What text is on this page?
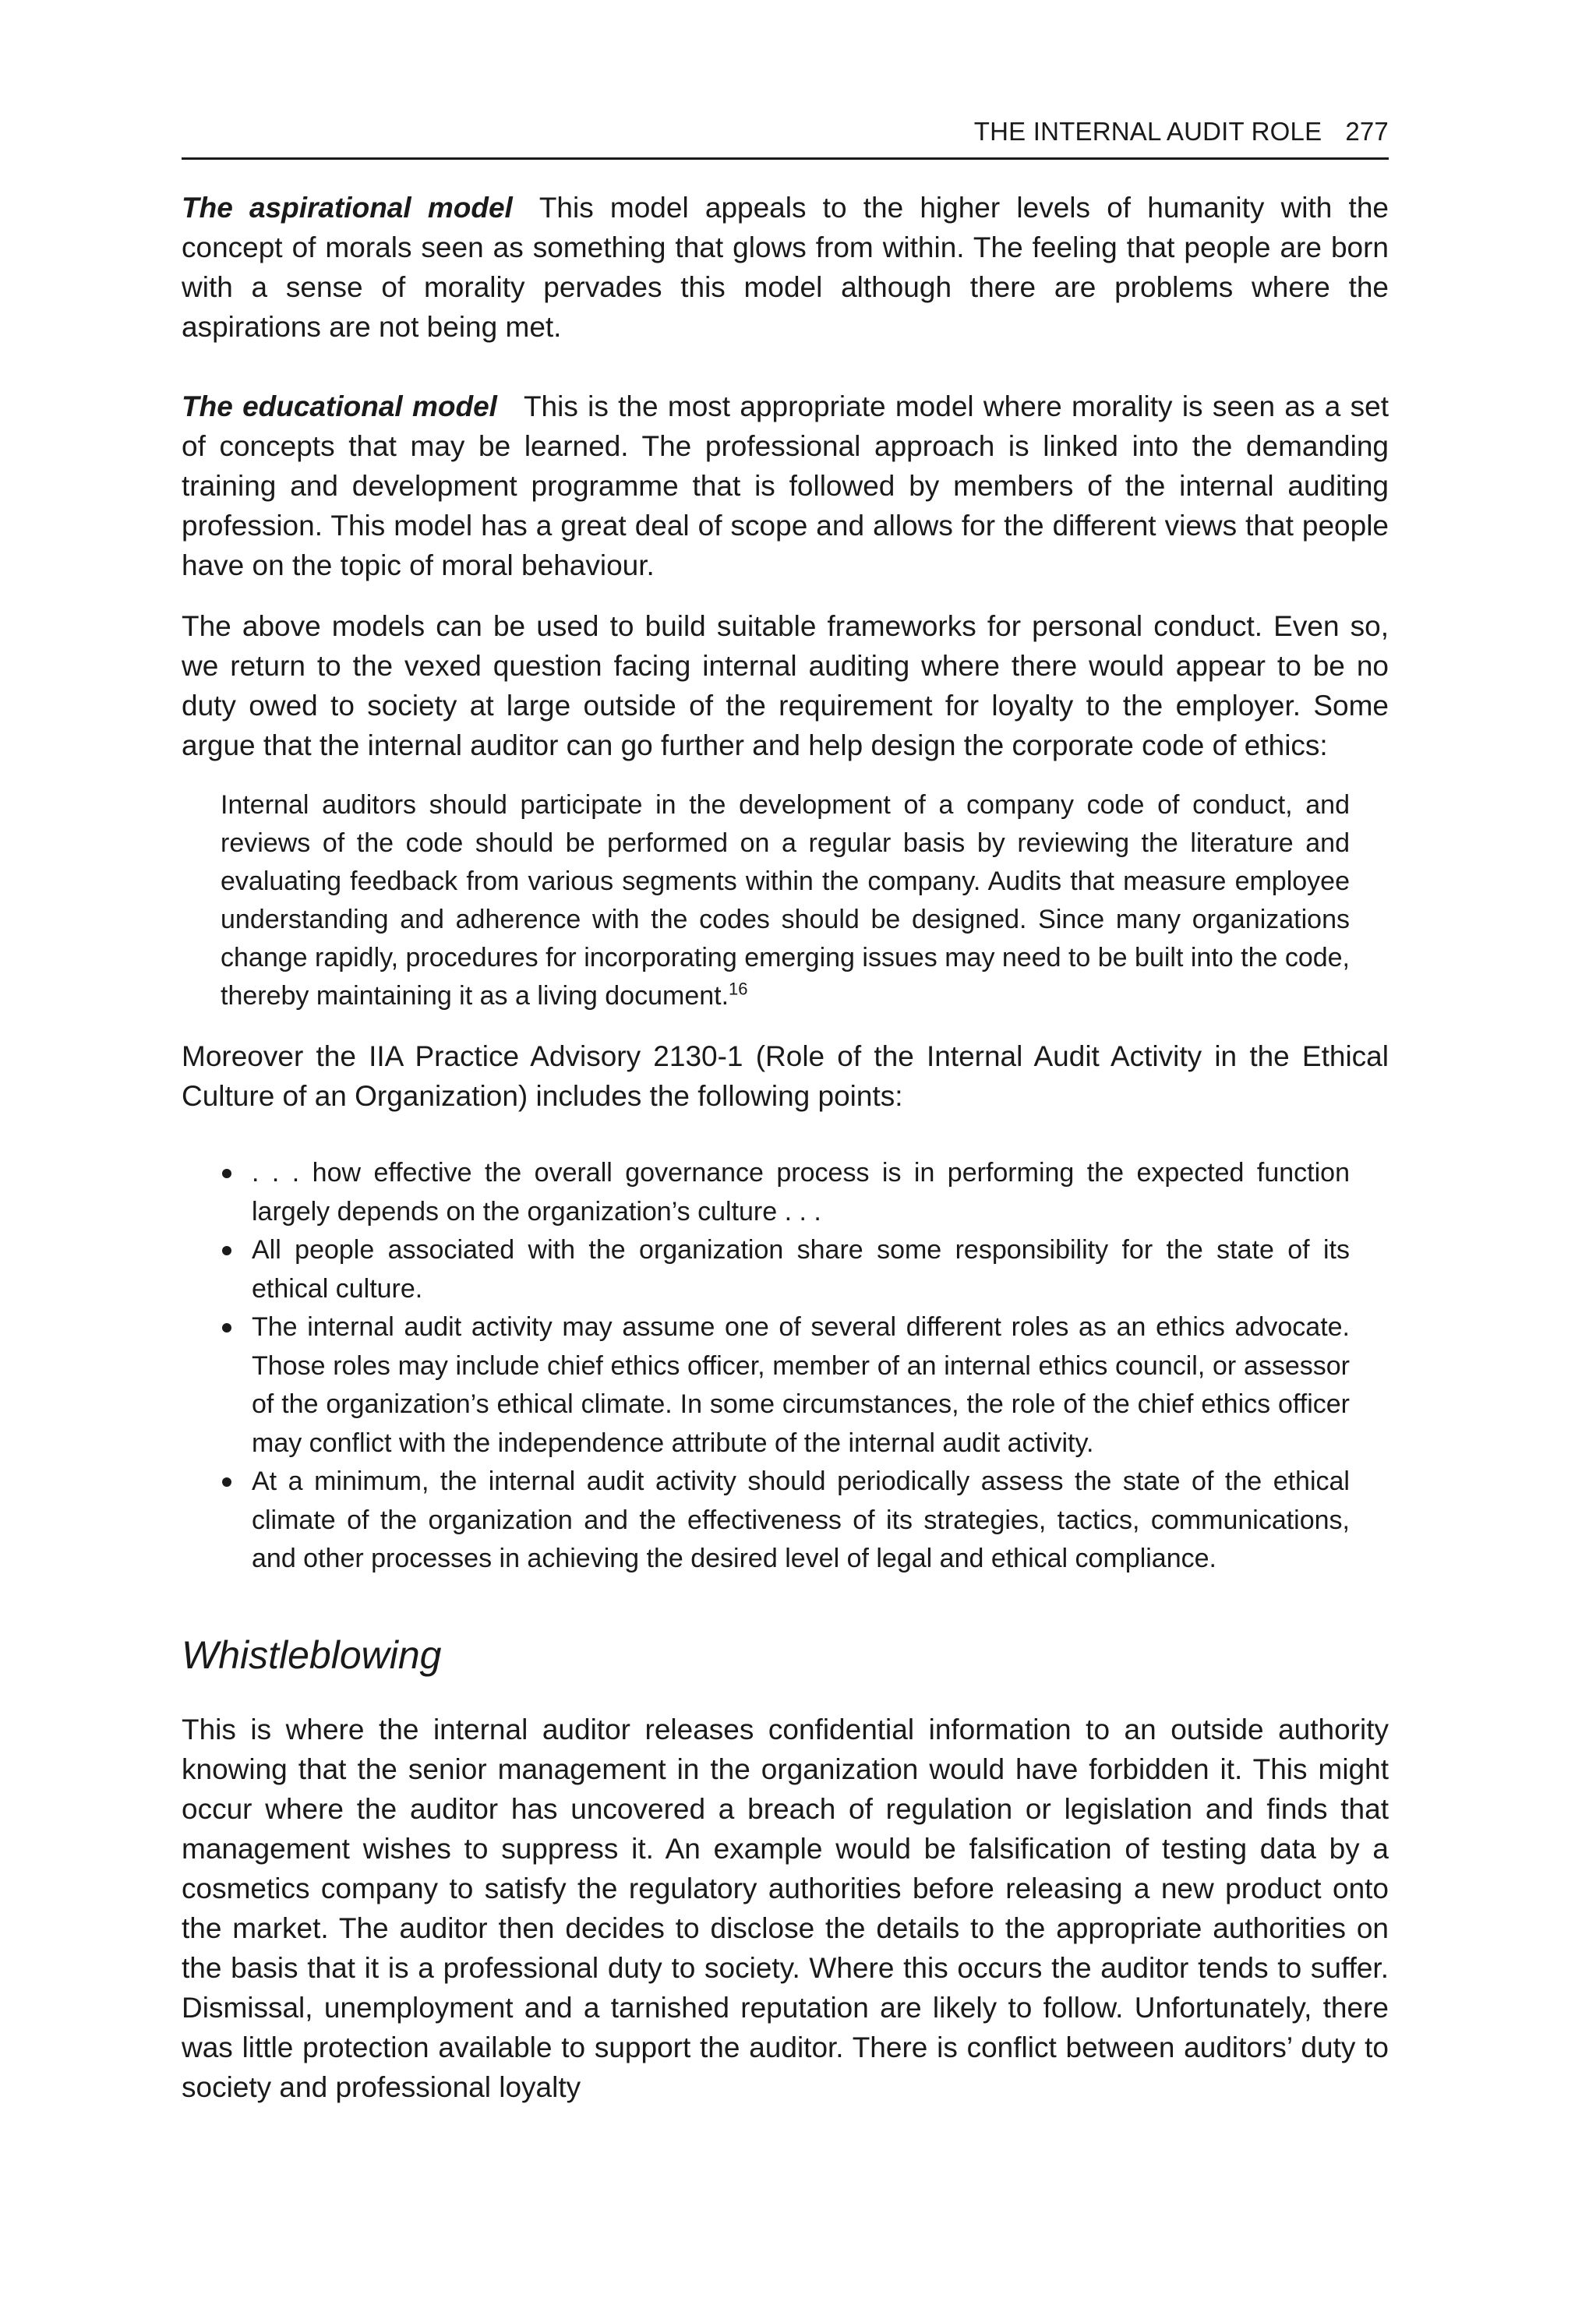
THE INTERNAL AUDIT ROLE 277

The aspirational model This model appeals to the higher levels of humanity with the concept of morals seen as something that glows from within. The feeling that people are born with a sense of morality pervades this model although there are problems where the aspirations are not being met.

The educational model This is the most appropriate model where morality is seen as a set of concepts that may be learned. The professional approach is linked into the demanding training and development programme that is followed by members of the internal auditing profession. This model has a great deal of scope and allows for the different views that people have on the topic of moral behaviour.

The above models can be used to build suitable frameworks for personal conduct. Even so, we return to the vexed question facing internal auditing where there would appear to be no duty owed to society at large outside of the requirement for loyalty to the employer. Some argue that the internal auditor can go further and help design the corporate code of ethics:

Internal auditors should participate in the development of a company code of conduct, and reviews of the code should be performed on a regular basis by reviewing the literature and evaluating feedback from various segments within the company. Audits that measure employee understanding and adherence with the codes should be designed. Since many organizations change rapidly, procedures for incorporating emerging issues may need to be built into the code, thereby maintaining it as a living document.$^{16}$

Moreover the IIA Practice Advisory 2130-1 (Role of the Internal Audit Activity in the Ethical Culture of an Organization) includes the following points:

. . . how effective the overall governance process is in performing the expected function largely depends on the organization’s culture . . .
All people associated with the organization share some responsibility for the state of its ethical culture.
The internal audit activity may assume one of several different roles as an ethics advocate. Those roles may include chief ethics officer, member of an internal ethics council, or assessor of the organization’s ethical climate. In some circumstances, the role of the chief ethics officer may conflict with the independence attribute of the internal audit activity.
At a minimum, the internal audit activity should periodically assess the state of the ethical climate of the organization and the effectiveness of its strategies, tactics, communications, and other processes in achieving the desired level of legal and ethical compliance.
Whistleblowing

This is where the internal auditor releases confidential information to an outside authority knowing that the senior management in the organization would have forbidden it. This might occur where the auditor has uncovered a breach of regulation or legislation and finds that management wishes to suppress it. An example would be falsification of testing data by a cosmetics company to satisfy the regulatory authorities before releasing a new product onto the market. The auditor then decides to disclose the details to the appropriate authorities on the basis that it is a professional duty to society. Where this occurs the auditor tends to suffer. Dismissal, unemployment and a tarnished reputation are likely to follow. Unfortunately, there was little protection available to support the auditor. There is conflict between auditors’ duty to society and professional loyalty
